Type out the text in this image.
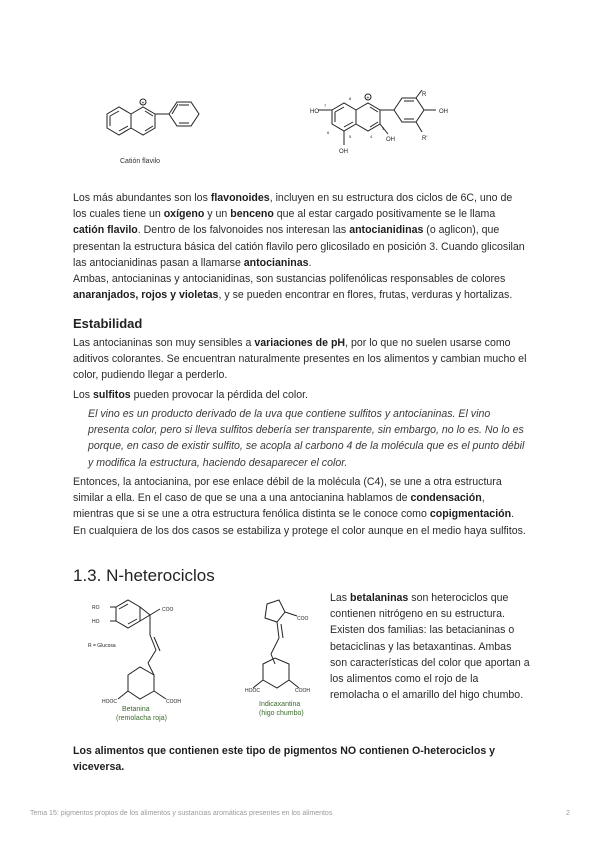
+
Catión flavilo
+
HO
OH
OH
OH
R
R'
8
6
5	4
3
7

Los más abundantes son los flavonoides, incluyen en su estructura dos ciclos de 6C, uno de los cuales tiene un oxígeno y un benceno que al estar cargado positivamente se le llama catión flavilo. Dentro de los falvonoides nos interesan las antocianidinas (o aglicon), que presentan la estructura básica del catión flavilo pero glicosilado en posición 3. Cuando glicosilan las antocianidinas pasan a llamarse antocianinas.

Ambas, antocianinas y antocianidinas, son sustancias polifenólicas responsables de colores anaranjados, rojos y violetas, y se pueden encontrar en flores, frutas, verduras y hortalizas.

Estabilidad

Las antocianinas son muy sensibles a variaciones de pH, por lo que no suelen usarse como aditivos colorantes. Se encuentran naturalmente presentes en los alimentos y cambian mucho el color, pudiendo llegar a perderlo.

Los sulfitos pueden provocar la pérdida del color.

El vino es un producto derivado de la uva que contiene sulfitos y antocianinas. El vino presenta color, pero si lleva sulfitos debería ser transparente, sin embargo, no lo es. No lo es porque, en caso de existir sulfito, se acopla al carbono 4 de la molécula que es el punto débil y modifica la estructura, haciendo desaparecer el color.

Entonces, la antocianina, por ese enlace débil de la molécula (C4), se une a otra estructura similar a ella. En el caso de que se una a una antocianina hablamos de condensación, mientras que si se une a otra estructura fenólica distinta se le conoce como copigmentación. En cualquiera de los dos casos se estabiliza y protege el color aunque en el medio haya sulfitos.

1.3. N-heterociclos
RO
HO
COO
HOOC	COOH
R = Glucosa
Betanina
(remolacha roja)
COO
HOOC	COOH
Indicaxantina
(higo chumbo)

Las betalaninas son heterociclos que contienen nitrógeno en su estructura. Existen dos familias: las betacianinas o betaciclinas y las betaxantinas. Ambas son características del color que aportan a los alimentos como el rojo de la remolacha o el amarillo del higo chumbo.

Los alimentos que contienen este tipo de pigmentos NO contienen O-heterociclos y viceversa.

Tema 15: pigmentos propios de los alimentos y sustancias aromáticas presentes en los alimentos	2
